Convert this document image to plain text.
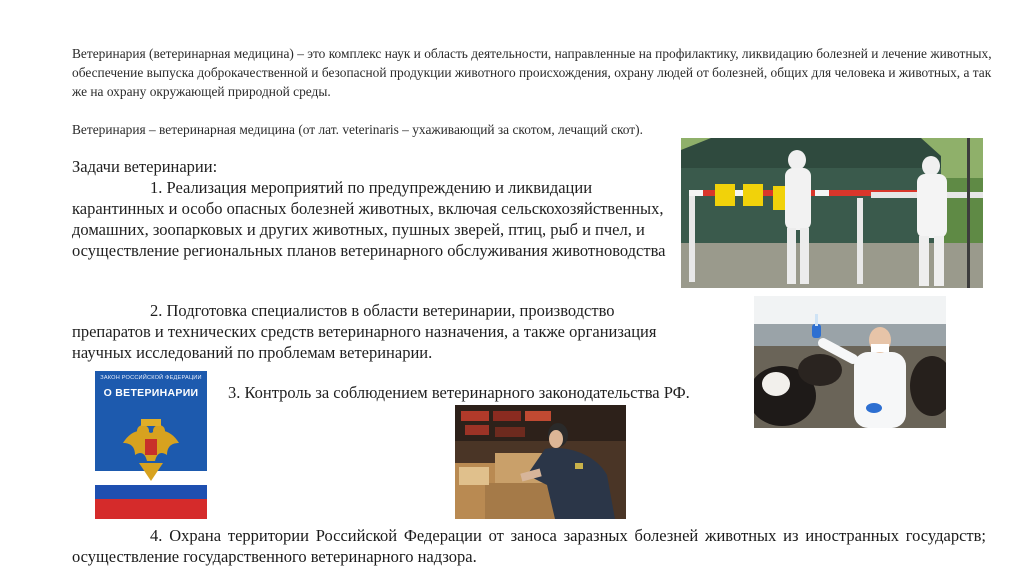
Ветеринария (ветеринарная медицина) – это комплекс наук и область деятельности, направленные на профилактику, ликвидацию болезней и лечение животных, обеспечение выпуска доброкачественной и безопасной продукции животного происхождения, охрану людей от болезней, общих для человека и животных, а так же на охрану окружающей природной среды.

Ветеринария – ветеринарная медицина (от лат. veterinaris – ухаживающий за скотом, лечащий скот).

Задачи ветеринарии:
1. Реализация мероприятий по предупреждению и ликвидации карантинных и особо опасных болезней животных, включая сельскохозяйственных, домашних, зоопарковых и других животных, пушных зверей, птиц, рыб и пчел, и осуществление региональных планов ветеринарного обслуживания животноводства
2. Подготовка специалистов в области ветеринарии, производство препаратов и технических средств ветеринарного назначения, а также организация научных исследований по проблемам ветеринарии.
3. Контроль за соблюдением ветеринарного законодательства РФ.
4. Охрана территории Российской Федерации от заноса заразных болезней животных из иностранных государств; осуществление государственного ветеринарного надзора.
ЗАКОН РОССИЙСКОЙ ФЕДЕРАЦИИ
О ВЕТЕРИНАРИИ
